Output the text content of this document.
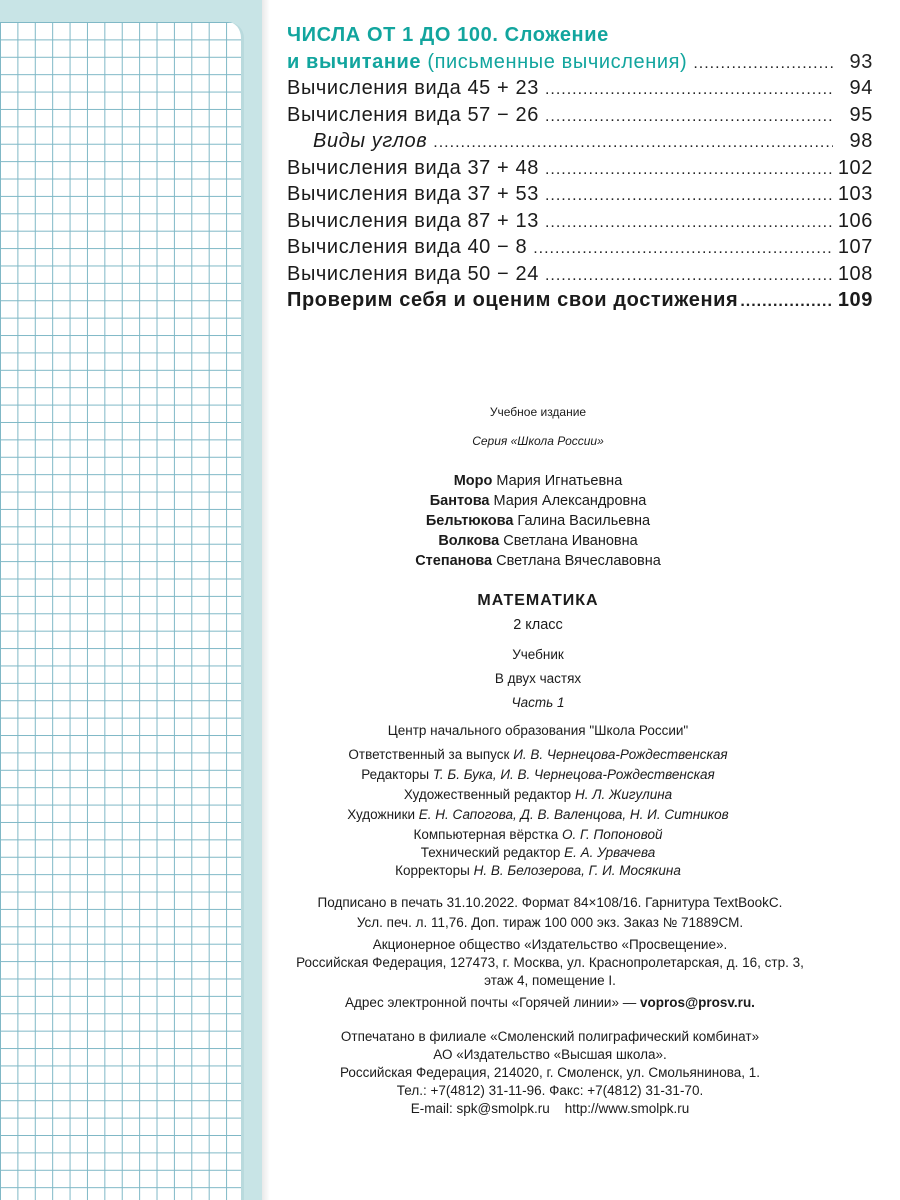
ЧИСЛА ОТ 1 ДО 100. Сложение
и вычитание (письменные вычисления) .....	93
Вычисления вида 45 + 23 .....	94
Вычисления вида 57 − 26 .....	95
Виды углов .....	98
Вычисления вида 37 + 48 .....	102
Вычисления вида 37 + 53 .....	103
Вычисления вида 87 + 13 .....	106
Вычисления вида 40 − 8 .....	107
Вычисления вида 50 − 24 .....	108
Проверим себя и оценим свои достижения .....	109
Учебное издание
Серия «Школа России»
Моро Мария Игнатьевна
Бантова Мария Александровна
Бельтюкова Галина Васильевна
Волкова Светлана Ивановна
Степанова Светлана Вячеславовна
МАТЕМАТИКА
2 класс
Учебник
В двух частях
Часть 1
Центр начального образования "Школа России"
Ответственный за выпуск И. В. Чернецова-Рождественская
Редакторы Т. Б. Бука, И. В. Чернецова-Рождественская
Художественный редактор Н. Л. Жигулина
Художники Е. Н. Сапогова, Д. В. Валенцова, Н. И. Ситников
Компьютерная вёрстка О. Г. Попоновой
Технический редактор Е. А. Урвачева
Корректоры Н. В. Белозерова, Г. И. Мосякина
Подписано в печать 31.10.2022. Формат 84×108/16. Гарнитура TextBookC.
Усл. печ. л. 11,76. Доп. тираж 100 000 экз. Заказ № 71889СМ.
Акционерное общество «Издательство «Просвещение».
Российская Федерация, 127473, г. Москва, ул. Краснопролетарская, д. 16, стр. 3,
этаж 4, помещение I.
Адрес электронной почты «Горячей линии» — vopros@prosv.ru.
Отпечатано в филиале «Смоленский полиграфический комбинат»
АО «Издательство «Высшая школа».
Российская Федерация, 214020, г. Смоленск, ул. Смольянинова, 1.
Тел.: +7(4812) 31-11-96. Факс: +7(4812) 31-31-70.
E-mail: spk@smolpk.ru    http://www.smolpk.ru
